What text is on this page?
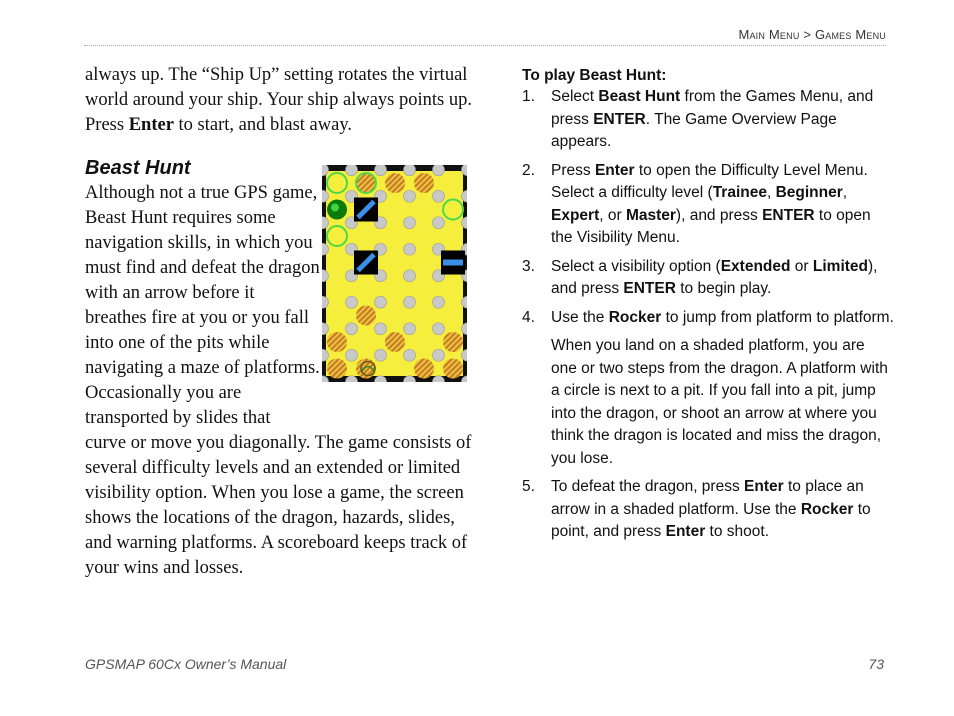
Main Menu > Games Menu

always up. The “Ship Up” setting rotates the virtual world around your ship. Your ship always points up. Press Enter to start, and blast away.

Beast Hunt

Although not a true GPS game, Beast Hunt requires some navigation skills, in which you must find and defeat the dragon with an arrow before it breathes fire at you or you fall into one of the pits while navigating a maze of platforms. Occasionally you are transported by slides that

curve or move you diagonally. The game consists of several difficulty levels and an extended or limited visibility option. When you lose a game, the screen shows the locations of the dragon, hazards, slides, and warning platforms. A scoreboard keeps track of your wins and losses.

To play Beast Hunt:
1. Select Beast Hunt from the Games Menu, and press ENTER. The Game Overview Page appears.
2. Press Enter to open the Difficulty Level Menu. Select a difficulty level (Trainee, Beginner, Expert, or Master), and press ENTER to open the Visibility Menu.
3. Select a visibility option (Extended or Limited), and press ENTER to begin play.
4. Use the Rocker to jump from platform to platform.
When you land on a shaded platform, you are one or two steps from the dragon. A platform with a circle is next to a pit. If you fall into a pit, jump into the dragon, or shoot an arrow at where you think the dragon is located and miss the dragon, you lose.
5. To defeat the dragon, press Enter to place an arrow in a shaded platform. Use the Rocker to point, and press Enter to shoot.
GPSMAP 60Cx Owner’s Manual	73
